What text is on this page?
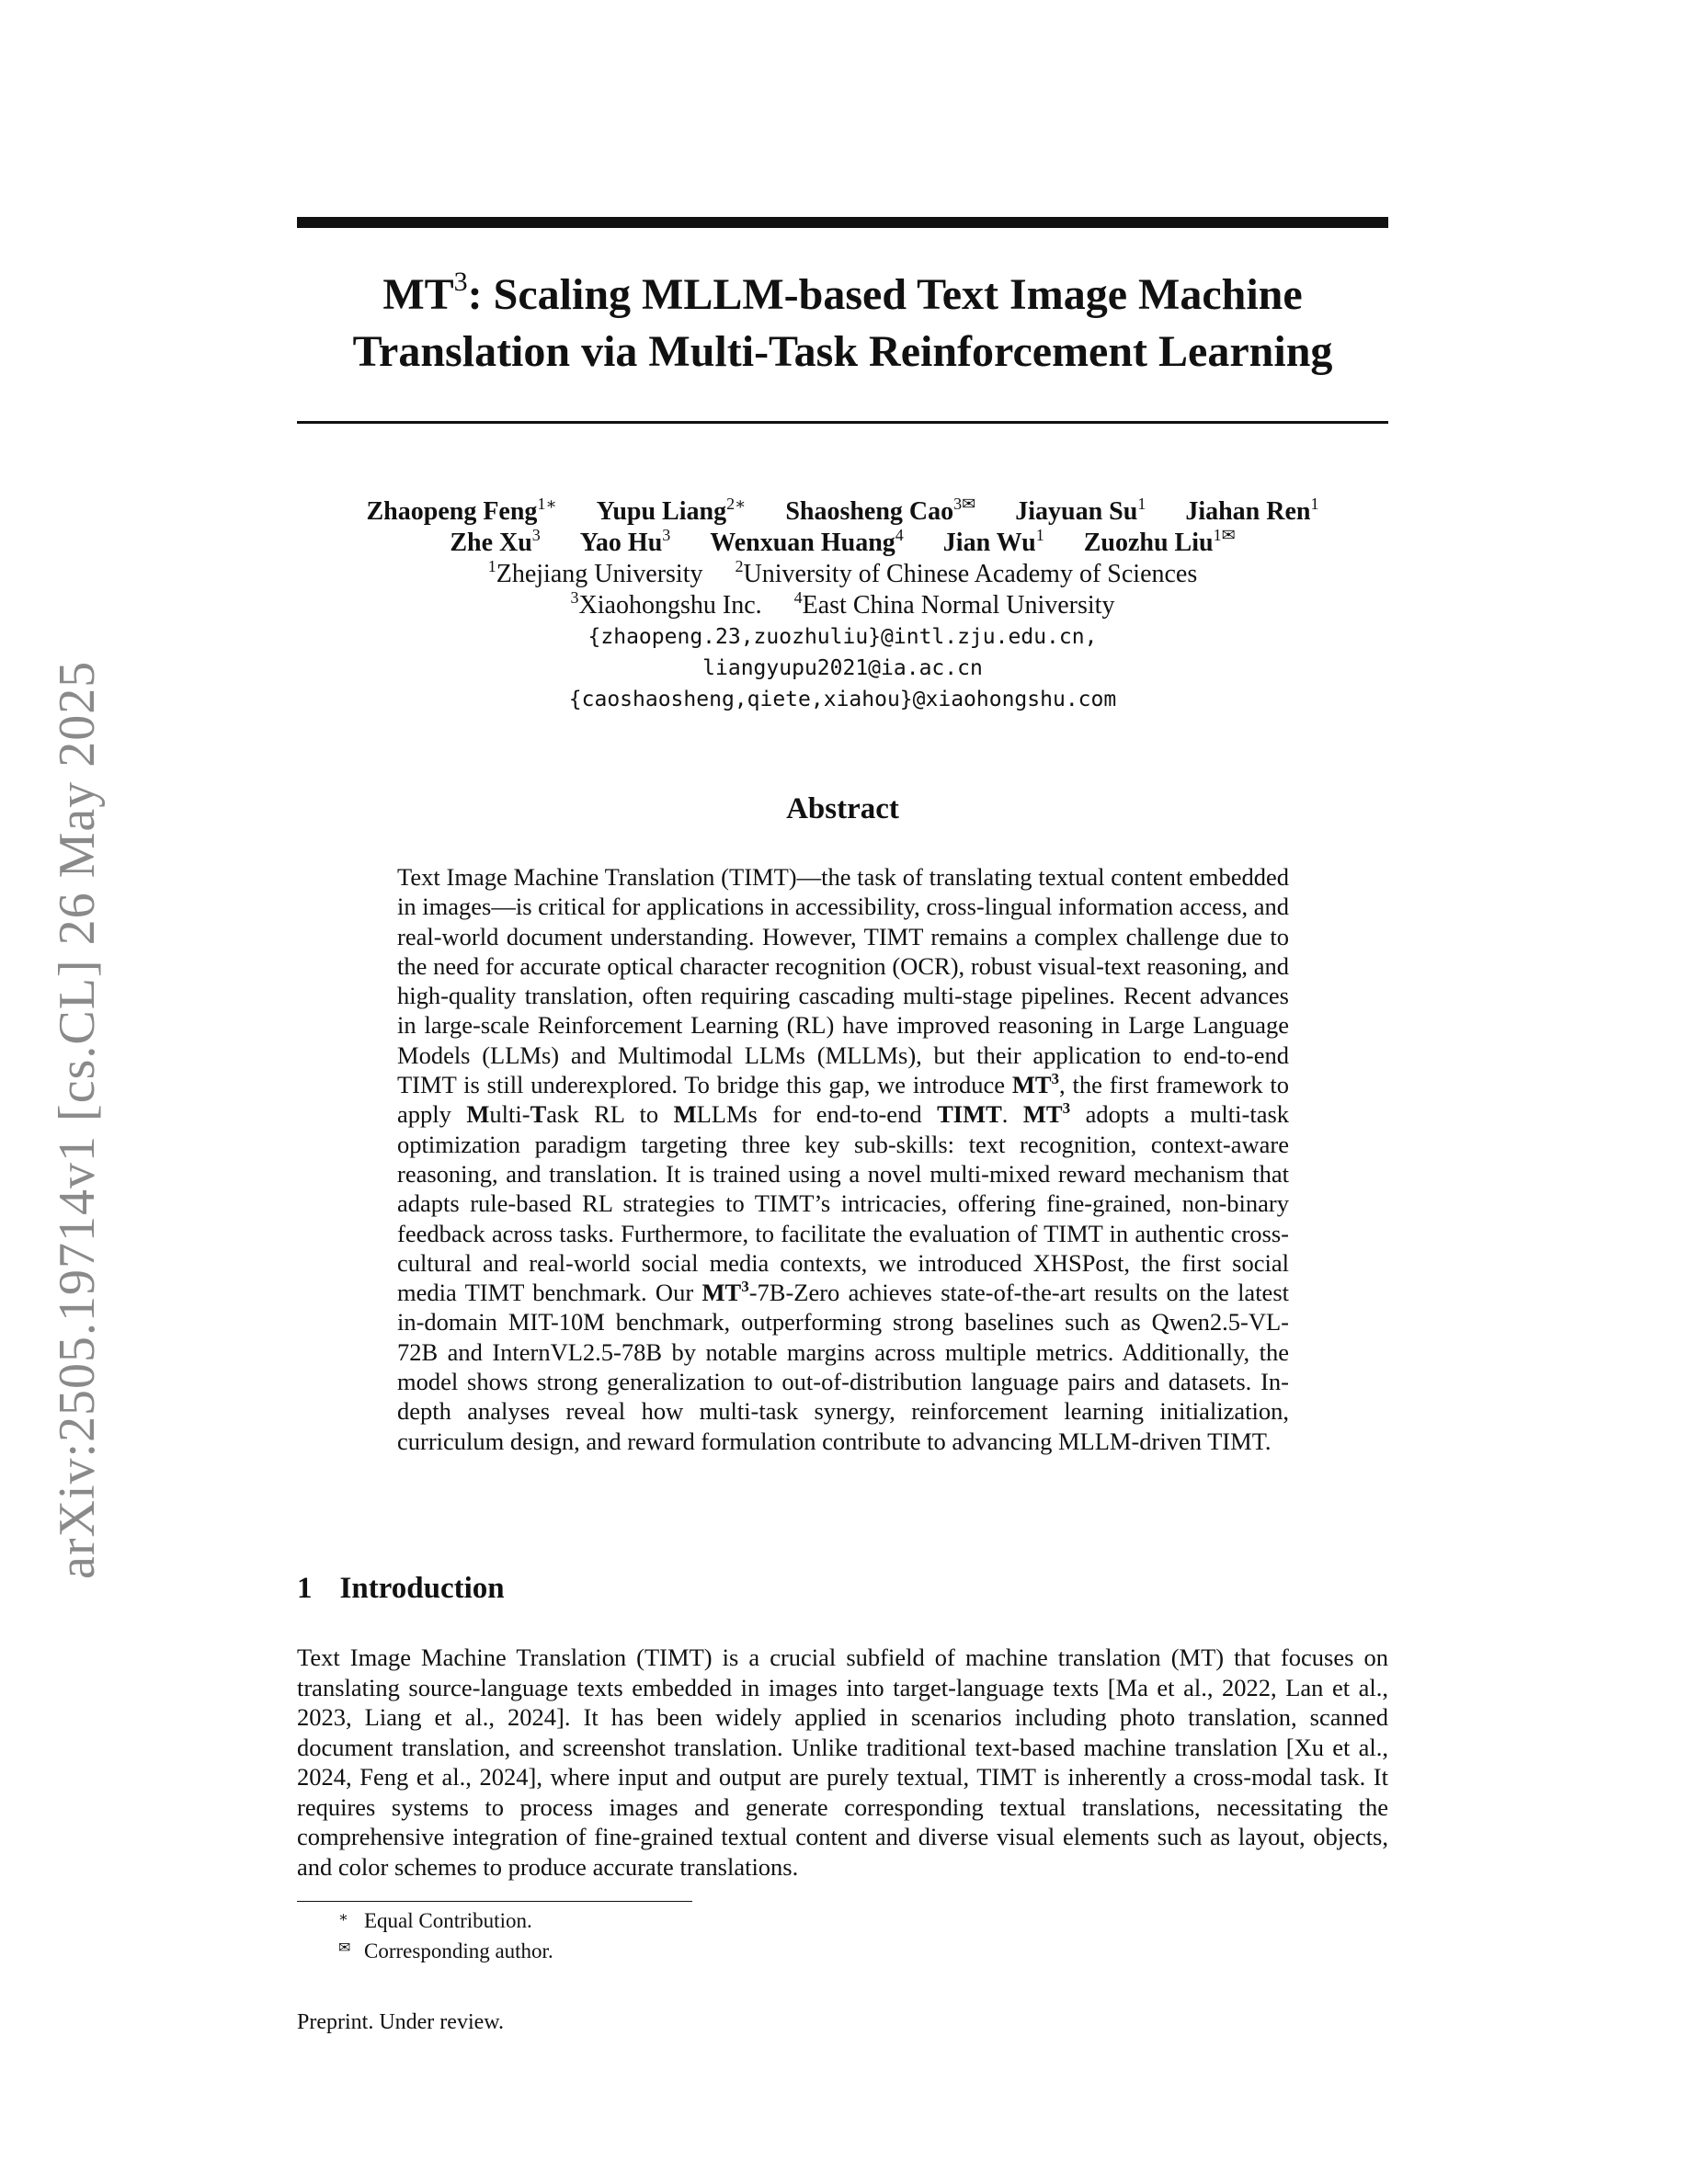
arXiv:2505.19714v1 [cs.CL] 26 May 2025
$MT^3$: Scaling MLLM-based Text Image Machine
Translation via Multi-Task Reinforcement Learning
Zhaopeng Feng$^{1∗}$ Yupu Liang$^{2∗}$ Shaosheng Cao$^{3✉}$ Jiayuan Su$^1$ Jiahan Ren$^1$
Zhe Xu$^3$ Yao Hu$^3$ Wenxuan Huang$^4$ Jian Wu$^1$ Zuozhu Liu$^{1✉}$
$^1$Zhejiang University $^2$University of Chinese Academy of Sciences
$^3$Xiaohongshu Inc. $^4$East China Normal University
{zhaopeng.23,zuozhuliu}@intl.zju.edu.cn,
liangyupu2021@ia.ac.cn
{caoshaosheng,qiete,xiahou}@xiaohongshu.com
Abstract
Text Image Machine Translation (TIMT)—the task of translating textual content embedded in images—is critical for applications in accessibility, cross-lingual information access, and real-world document understanding. However, TIMT remains a complex challenge due to the need for accurate optical character recognition (OCR), robust visual-text reasoning, and high-quality translation, often requiring cascading multi-stage pipelines. Recent advances in large-scale Reinforcement Learning (RL) have improved reasoning in Large Language Models (LLMs) and Multimodal LLMs (MLLMs), but their application to end-to-end TIMT is still underexplored. To bridge this gap, we introduce $MT^3$, the first framework to apply Multi-Task RL to MLLMs for end-to-end TIMT. $MT^3$ adopts a multi-task optimization paradigm targeting three key sub-skills: text recognition, context-aware reasoning, and translation. It is trained using a novel multi-mixed reward mechanism that adapts rule-based RL strategies to TIMT’s intricacies, offering fine-grained, non-binary feedback across tasks. Furthermore, to facilitate the evaluation of TIMT in authentic cross-cultural and real-world social media contexts, we introduced XHSPost, the first social media TIMT benchmark. Our $MT^3-7B$-Zero achieves state-of-the-art results on the latest in-domain MIT-10M benchmark, outperforming strong baselines such as Qwen2.5-VL-72B and InternVL2.5-78B by notable margins across multiple metrics. Additionally, the model shows strong generalization to out-of-distribution language pairs and datasets. In-depth analyses reveal how multi-task synergy, reinforcement learning initialization, curriculum design, and reward formulation contribute to advancing MLLM-driven TIMT.
1 Introduction
Text Image Machine Translation (TIMT) is a crucial subfield of machine translation (MT) that focuses on translating source-language texts embedded in images into target-language texts [Ma et al., 2022, Lan et al., 2023, Liang et al., 2024]. It has been widely applied in scenarios including photo translation, scanned document translation, and screenshot translation. Unlike traditional text-based machine translation [Xu et al., 2024, Feng et al., 2024], where input and output are purely textual, TIMT is inherently a cross-modal task. It requires systems to process images and generate corresponding textual translations, necessitating the comprehensive integration of fine-grained textual content and diverse visual elements such as layout, objects, and color schemes to produce accurate translations.
∗ Equal Contribution.
✉ Corresponding author.
Preprint. Under review.
